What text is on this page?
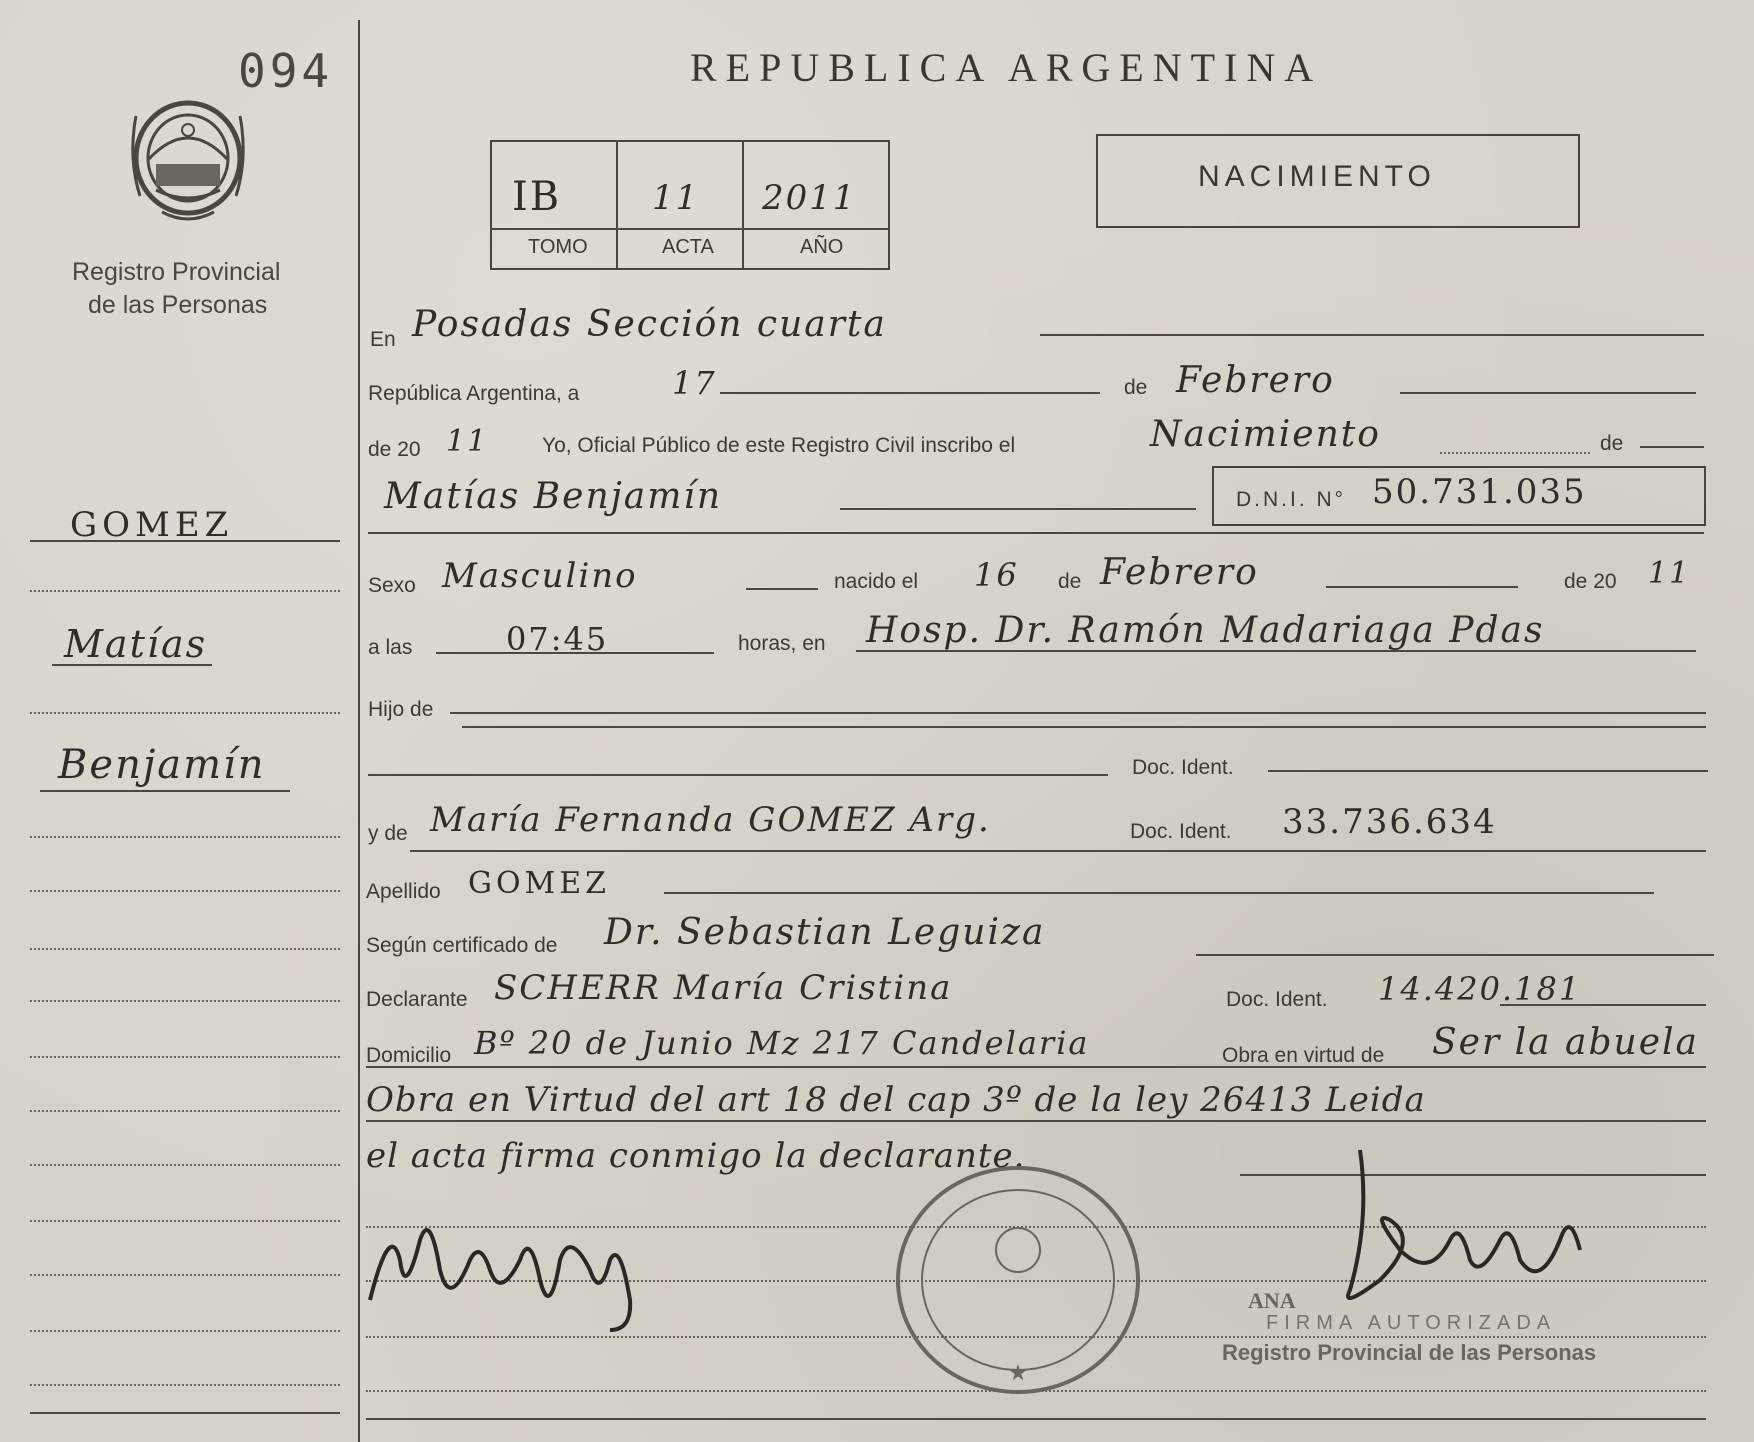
094
Registro Provincial
de las Personas
GOMEZ
Matías
Benjamín
REPUBLICA ARGENTINA
IB	11 2011
TOMO	ACTA	AÑO
NACIMIENTO
En Posadas Sección cuarta
República Argentina, a	17	de Febrero
de 20 11	Yo, Oficial Público de este Registro Civil inscribo el	Nacimiento	de
Matías Benjamín	D.N.I. N° 50.731.035
Sexo Masculino	nacido el 16 de Febrero	de 20 11
a las	07:45	horas, en Hosp. Dr. Ramón Madariaga Pdas
Hijo de
Doc. Ident.
y de María Fernanda GOMEZ Arg.	Doc. Ident. 33.736.634
Apellido GOMEZ
Según certificado de Dr. Sebastian Leguiza
Declarante SCHERR María Cristina	Doc. Ident. 14.420.181
Domicilio Bº 20 de Junio Mz 217 Candelaria	Obra en virtud de Ser la abuela
Obra en Virtud del art 18 del cap 3º de la ley 26413 Leida
el acta firma conmigo la declarante.
★
ANA
FIRMA AUTORIZADA
Registro Provincial de las Personas
